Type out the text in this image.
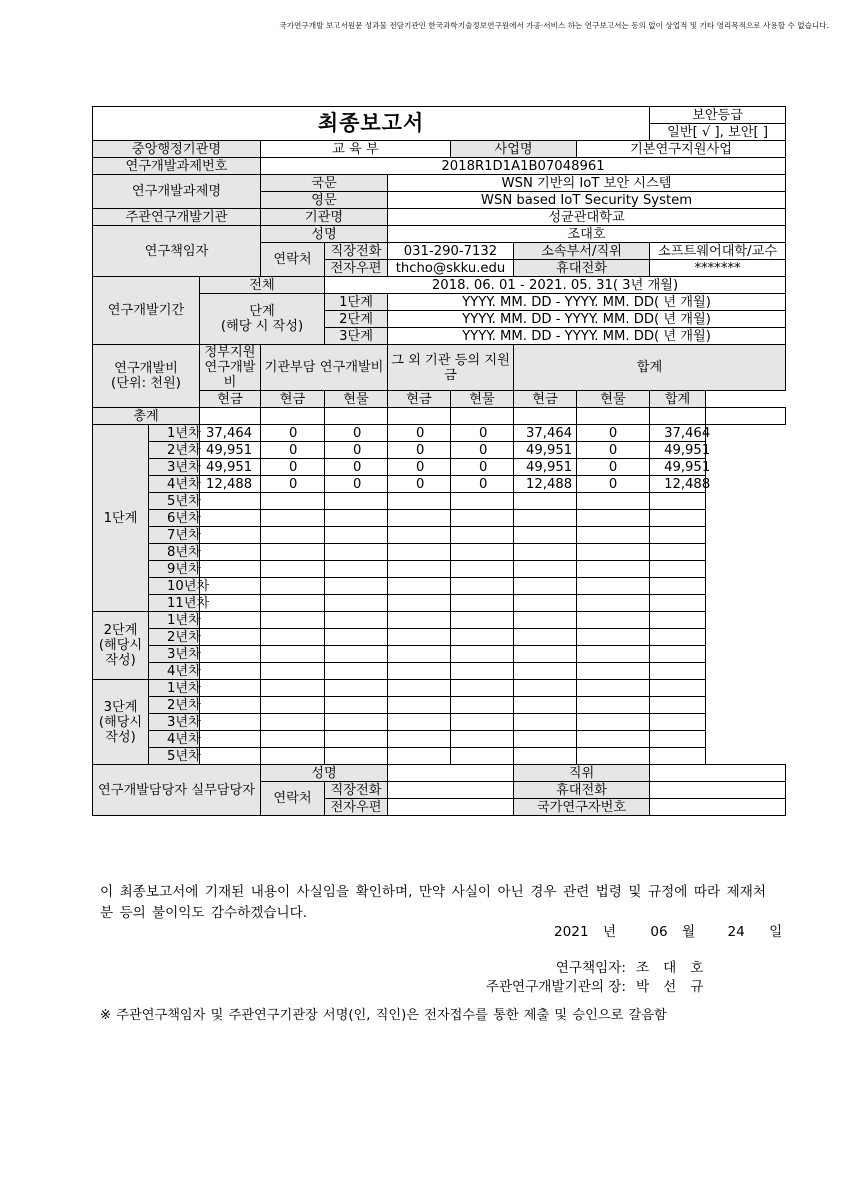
국가연구개발 보고서원문 성과물 전담기관인 한국과학기술정보연구원에서 가공·서비스 하는 연구보고서는 동의 없이 상업적 및 기타 영리목적으로 사용할 수 없습니다.
최종보고서									보안등급	
									일반[ √ ], 보안[ ]	
중앙행정기관명			교 육 부			사업명		기본연구지원사업		
연구개발과제번호			2018R1D1A1B07048961							
연구개발과제명			국문		WSN 기반의 IoT 보안 시스템					
			영문		WSN based IoT Security System					
주관연구개발기관			기관명		성균관대학교					
연구책임자			성명		조대호					
			연락처	직장전화	031-290-7132		소속부서/직위		소프트웨어대학/교수	

				전자우편	thcho@skku.edu		휴대전화		*******	
연구개발기간		전체		2018. 06. 01 - 2021. 05. 31( 3년 개월)						

		단계
(해당 시 작성)		1단계	YYYY. MM. DD - YYYY. MM. DD( 년 개월)					
				2단계	YYYY. MM. DD - YYYY. MM. DD( 년 개월)					
				3단계	YYYY. MM. DD - YYYY. MM. DD( 년 개월)					

연구개발비
(단위: 천원)		정부지원 연구개발비	기관부담 연구개발비		그 외 기관 등의 지원금		합계			

		현금	현금	현물	현금	현물	현금	현물	합계	
총계										
1단계	1년차	37,464	0	0	0	0	37,464	0	37,464	
	2년차	49,951	0	0	0	0	49,951	0	49,951	
	3년차	49,951	0	0	0	0	49,951	0	49,951	
	4년차	12,488	0	0	0	0	12,488	0	12,488	
	5년차									
	6년차									
	7년차									
	8년차									
	9년차									
	10년차									
	11년차									
2단계 (해당시 작성)	1년차									
	2년차									
	3년차									
	4년차									
3단계 (해당시 작성)	1년차									
	2년차									
	3년차									
	4년차									
	5년차									
연구개발담당자 실무담당자			성명				직위			
			연락처	직장전화			휴대전화			
				전자우편			국가연구자번호			
이 최종보고서에 기재된 내용이 사실임을 확인하며, 만약 사실이 아닌 경우 관련 법령 및 규정에 따라 제재처분 등의 불이익도 감수하겠습니다.
2021 년	06 월 24 일
연구책임자: 조대호
주관연구개발기관의 장: 박선규
※ 주관연구책임자 및 주관연구기관장 서명(인, 직인)은 전자접수를 통한 제출 및 승인으로 갈음함
